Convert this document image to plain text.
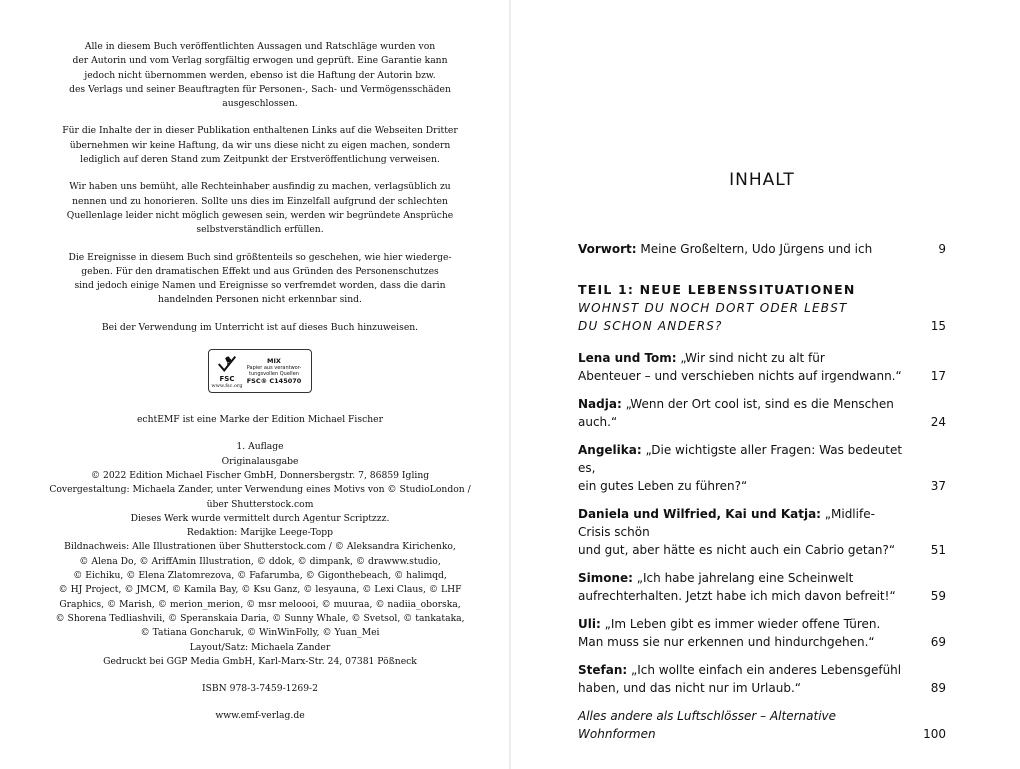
Alle in diesem Buch veröffentlichten Aussagen und Ratschläge wurden von
der Autorin und vom Verlag sorgfältig erwogen und geprüft. Eine Garantie kann
jedoch nicht übernommen werden, ebenso ist die Haftung der Autorin bzw.
des Verlags und seiner Beauftragten für Personen-, Sach- und Vermögensschäden
ausgeschlossen.
Für die Inhalte der in dieser Publikation enthaltenen Links auf die Webseiten Dritter
übernehmen wir keine Haftung, da wir uns diese nicht zu eigen machen, sondern
lediglich auf deren Stand zum Zeitpunkt der Erstveröffentlichung verweisen.
Wir haben uns bemüht, alle Rechteinhaber ausfindig zu machen, verlagsüblich zu
nennen und zu honorieren. Sollte uns dies im Einzelfall aufgrund der schlechten
Quellenlage leider nicht möglich gewesen sein, werden wir begründete Ansprüche
selbstverständlich erfüllen.
Die Ereignisse in diesem Buch sind größtenteils so geschehen, wie hier wiederge-
geben. Für den dramatischen Effekt und aus Gründen des Personenschutzes
sind jedoch einige Namen und Ereignisse so verfremdet worden, dass die darin
handelnden Personen nicht erkennbar sind.
Bei der Verwendung im Unterricht ist auf dieses Buch hinzuweisen.
FSC
www.fsc.org
MIX
Papier aus verantwor-
tungsvollen Quellen
FSC® C145070
echtEMF ist eine Marke der Edition Michael Fischer
1. Auflage
Originalausgabe
© 2022 Edition Michael Fischer GmbH, Donnersbergstr. 7, 86859 Igling
Covergestaltung: Michaela Zander, unter Verwendung eines Motivs von © StudioLondon /
über Shutterstock.com
Dieses Werk wurde vermittelt durch Agentur Scriptzzz.
Redaktion: Marijke Leege-Topp
Bildnachweis: Alle Illustrationen über Shutterstock.com / © Aleksandra Kirichenko,
© Alena Do, © AriffAmin Illustration, © ddok, © dimpank, © drawww.studio,
© Eichiku, © Elena Zlatomrezova, © Fafarumba, © Gigonthebeach, © halimqd,
© HJ Project, © JMCM, © Kamila Bay, © Ksu Ganz, © lesyauna, © Lexi Claus, © LHF
Graphics, © Marish, © merion_merion, © msr meloooi, © muuraa, © nadiia_oborska,
© Shorena Tedliashvili, © Speranskaia Daria, © Sunny Whale, © Svetsol, © tankataka,
© Tatiana Goncharuk, © WinWinFolly, © Yuan_Mei
Layout/Satz: Michaela Zander
Gedruckt bei GGP Media GmbH, Karl-Marx-Str. 24, 07381 Pößneck
ISBN 978-3-7459-1269-2
www.emf-verlag.de
INHALT
Vorwort: Meine Großeltern, Udo Jürgens und ich	9
TEIL 1: NEUE LEBENSSITUATIONEN
WOHNST DU NOCH DORT ODER LEBST
DU SCHON ANDERS?	15
Lena und Tom: „Wir sind nicht zu alt für
Abenteuer – und verschieben nichts auf irgendwann.“	17
Nadja: „Wenn der Ort cool ist, sind es die Menschen auch.“	24
Angelika: „Die wichtigste aller Fragen: Was bedeutet es,
ein gutes Leben zu führen?“	37
Daniela und Wilfried, Kai und Katja: „Midlife-Crisis schön
und gut, aber hätte es nicht auch ein Cabrio getan?“	51
Simone: „Ich habe jahrelang eine Scheinwelt
aufrechterhalten. Jetzt habe ich mich davon befreit!“	59
Uli: „Im Leben gibt es immer wieder offene Türen.
Man muss sie nur erkennen und hindurchgehen.“	69
Stefan: „Ich wollte einfach ein anderes Lebensgefühl
haben, und das nicht nur im Urlaub.“	89
Alles andere als Luftschlösser – Alternative Wohnformen	100
